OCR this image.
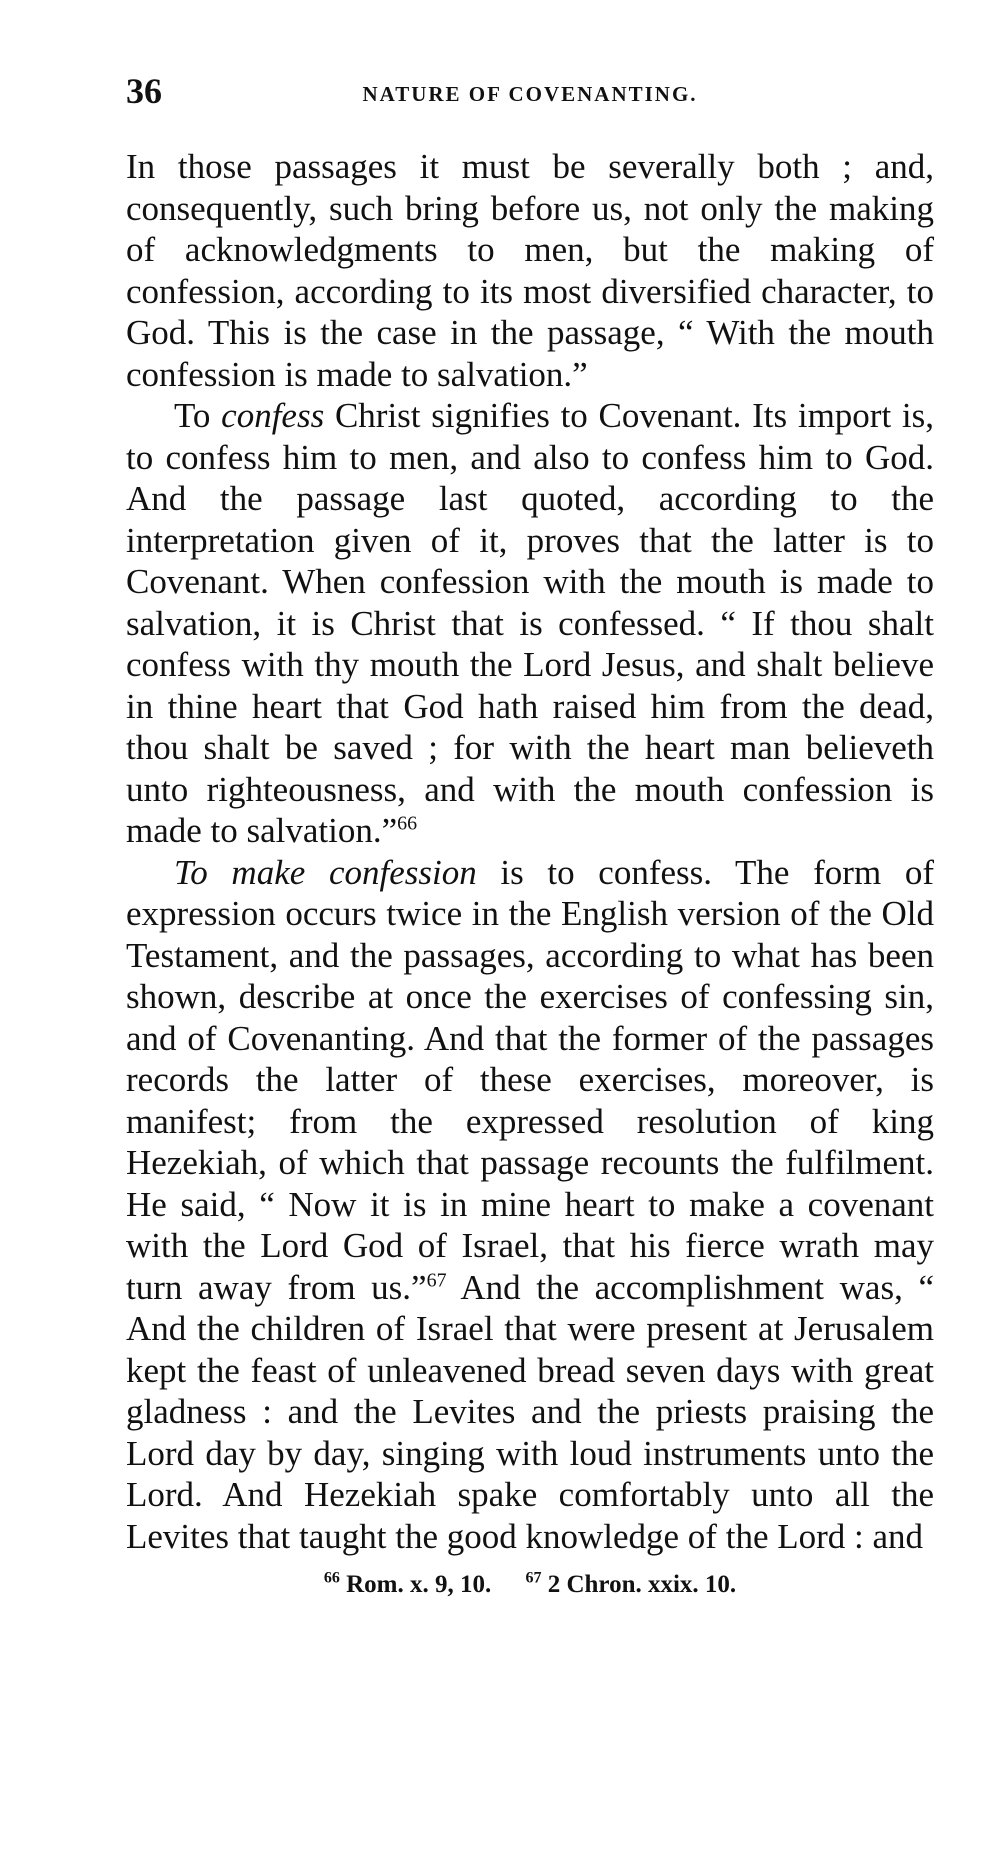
36	NATURE OF COVENANTING.

In those passages it must be severally both ; and, consequently, such bring before us, not only the making of acknowledgments to men, but the making of confession, according to its most diversified character, to God. This is the case in the passage, “ With the mouth confession is made to salvation.”

To confess Christ signifies to Covenant. Its import is, to confess him to men, and also to confess him to God. And the passage last quoted, according to the interpretation given of it, proves that the latter is to Covenant. When confession with the mouth is made to salvation, it is Christ that is confessed. “ If thou shalt confess with thy mouth the Lord Jesus, and shalt believe in thine heart that God hath raised him from the dead, thou shalt be saved ; for with the heart man believeth unto righteousness, and with the mouth confession is made to salvation.”$^{66}$

To make confession is to confess. The form of expression occurs twice in the English version of the Old Testament, and the passages, according to what has been shown, describe at once the exercises of confessing sin, and of Covenanting. And that the former of the passages records the latter of these exercises, moreover, is manifest; from the expressed resolution of king Hezekiah, of which that passage recounts the fulfilment. He said, “ Now it is in mine heart to make a covenant with the Lord God of Israel, that his fierce wrath may turn away from us.”$^{67}$ And the accomplishment was, “ And the children of Israel that were present at Jerusalem kept the feast of unleavened bread seven days with great gladness : and the Levites and the priests praising the Lord day by day, singing with loud instruments unto the Lord. And Hezekiah spake comfortably unto all the Levites that taught the good knowledge of the Lord : and

$^{66}$ Rom. x. 9, 10. $^{67}$ 2 Chron. xxix. 10.
